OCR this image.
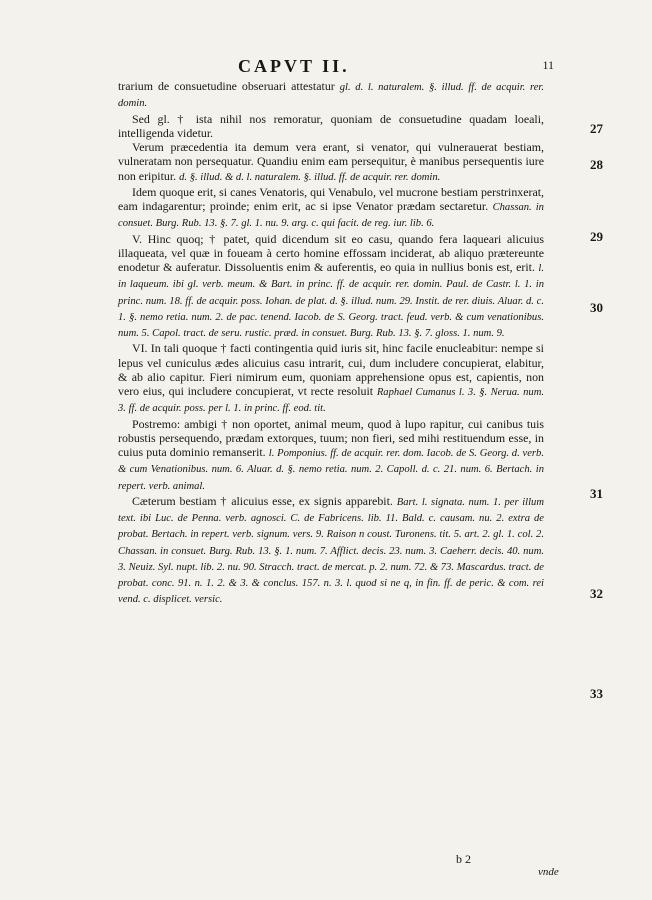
CAPVT II.	11

trarium de consuetudine obseruari attestatur gl. d. l. naturalem. §. illud. ff. de acquir. rer. domin.

Sed gl. † ista nihil nos remoratur, quoniam de consuetudine quadam loeali, intelligenda videtur.

Verum præcedentia ita demum vera erant, si venator, qui vulnerauerat bestiam, vulneratam non persequatur. Quandiu enim eam persequitur, è manibus persequentis iure non eripitur. d. §. illud. & d. l. naturalem. §. illud. ff. de acquir. rer. domin.

Idem quoque erit, si canes Venatoris, qui Venabulo, vel mucrone bestiam perstrinxerat, eam indagarentur; proinde; enim erit, ac si ipse Venator prædam sectaretur. Chassan. in consuet. Burg. Rub. 13. §. 7. gl. 1. nu. 9. arg. c. qui facit. de reg. iur. lib. 6.

V. Hinc quoq; † patet, quid dicendum sit eo casu, quando fera laqueari alicuius illaqueata, vel quæ in foueam à certo homine effossam inciderat, ab aliquo prætereunte enodetur & auferatur. Dissoluentis enim & auferentis, eo quia in nullius bonis est, erit. l. in laqueum. ibi gl. verb. meum. & Bart. in princ. ff. de acquir. rer. domin. Paul. de Castr. l. 1. in princ. num. 18. ff. de acquir. poss. Iohan. de plat. d. §. illud. num. 29. Instit. de rer. diuis. Aluar. d. c. 1. §. nemo retia. num. 2. de pac. tenend. Iacob. de S. Georg. tract. feud. verb. & cum venationibus. num. 5. Capol. tract. de seru. rustic. præd. in consuet. Burg. Rub. 13. §. 7. gloss. 1. num. 9.

VI. In tali quoque † facti contingentia quid iuris sit, hinc facile enucleabitur: nempe si lepus vel cuniculus ædes alicuius casu intrarit, cui, dum includere concupierat, elabitur, & ab alio capitur. Fieri nimirum eum, quoniam apprehensione opus est, capientis, non vero eius, qui includere concupierat, vt recte resoluit Raphael Cumanus l. 3. §. Nerua. num. 3. ff. de acquir. poss. per l. 1. in princ. ff. eod. tit.

Postremo: ambigi † non oportet, animal meum, quod à lupo rapitur, cui canibus tuis robustis persequendo, prædam extorques, tuum; non fieri, sed mihi restituendum esse, in cuius puta dominio remanserit. l. Pomponius. ff. de acquir. rer. dom. Iacob. de S. Georg. d. verb. & cum Venationibus. num. 6. Aluar. d. §. nemo retia. num. 2. Capoll. d. c. 21. num. 6. Bertach. in repert. verb. animal.

Cæterum bestiam † alicuius esse, ex signis apparebit. Bart. l. signata. num. 1. per illum text. ibi Luc. de Penna. verb. agnosci. C. de Fabricens. lib. 11. Bald. c. causam. nu. 2. extra de probat. Bertach. in repert. verb. signum. vers. 9. Raison n coust. Turonens. tit. 5. art. 2. gl. 1. col. 2. Chassan. in consuet. Burg. Rub. 13. §. 1. num. 7. Afflict. decis. 23. num. 3. Caeherr. decis. 40. num. 3. Neuiz. Syl. nupt. lib. 2. nu. 90. Stracch. tract. de mercat. p. 2. num. 72. & 73. Mascardus. tract. de probat. conc. 91. n. 1. 2. & 3. & conclus. 157. n. 3. l. quod si ne q, in fin. ff. de peric. & com. rei vend. c. displicet. versic.

27
28
29
30
31
32
33
b 2
vnde
